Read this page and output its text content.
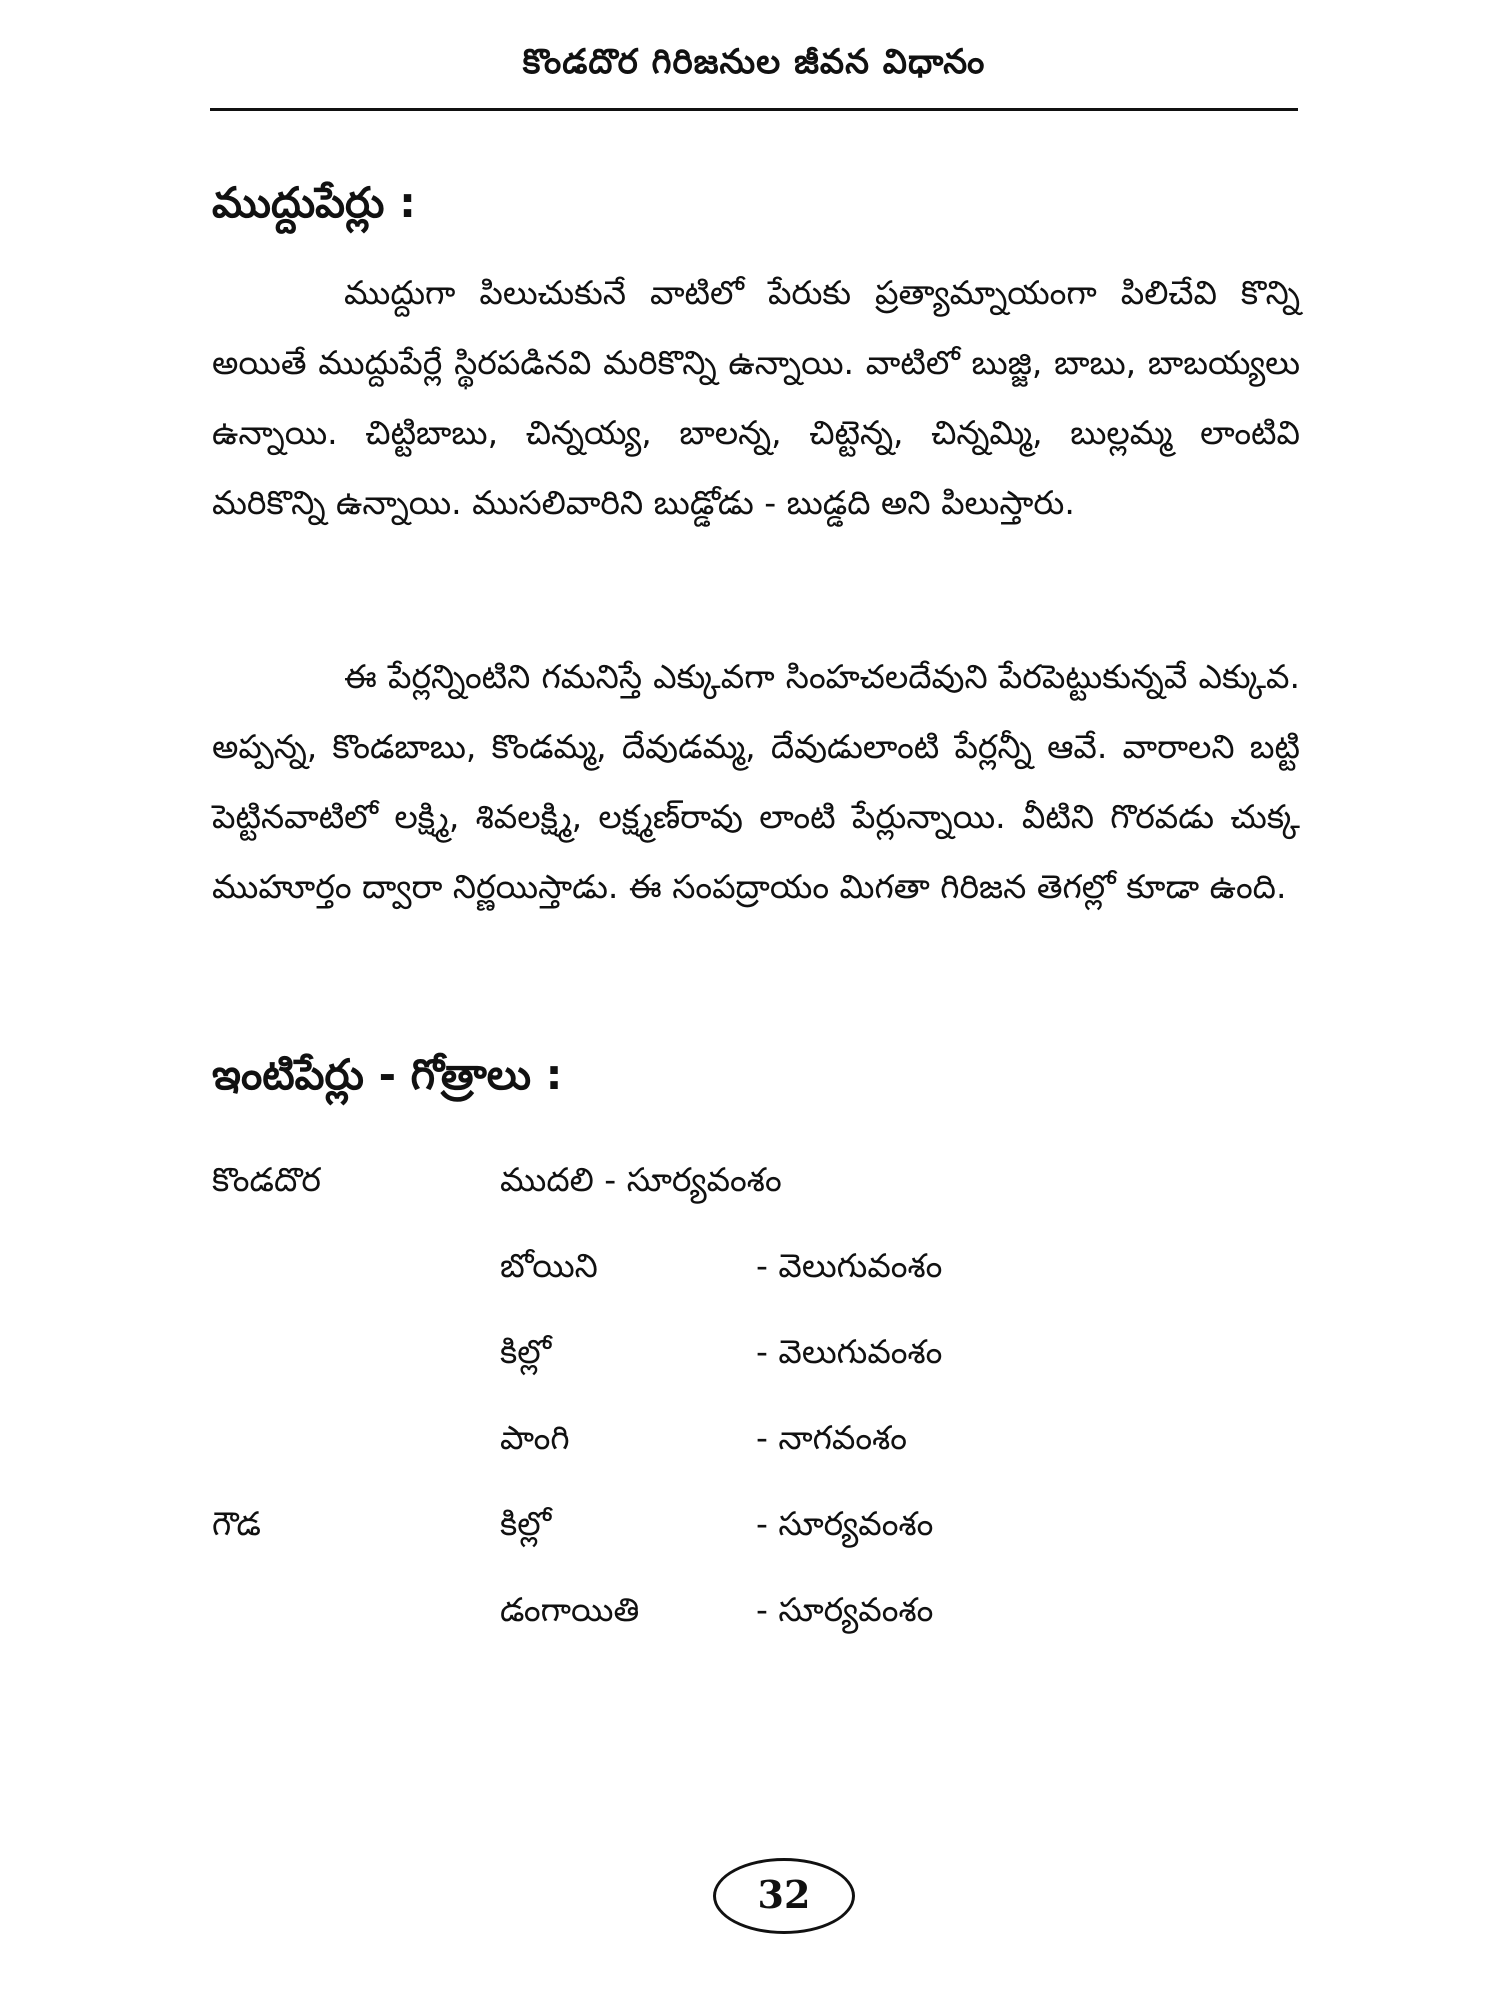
కొండదొర గిరిజనుల జీవన విధానం
ముద్దుపేర్లు :

ముద్దుగా పిలుచుకునే వాటిలో పేరుకు ప్రత్యామ్నాయంగా పిలిచేవి కొన్ని అయితే ముద్దుపేర్లే స్థిరపడినవి మరికొన్ని ఉన్నాయి. వాటిలో బుజ్జి, బాబు, బాబయ్యలు ఉన్నాయి. చిట్టిబాబు, చిన్నయ్య, బాలన్న, చిట్టెన్న, చిన్నమ్మి, బుల్లమ్మ లాంటివి మరికొన్ని ఉన్నాయి. ముసలివారిని బుడ్డోడు - బుడ్డది అని పిలుస్తారు.

ఈ పేర్లన్నింటిని గమనిస్తే ఎక్కువగా సింహచలదేవుని పేరపెట్టుకున్నవే ఎక్కువ. అప్పన్న, కొండబాబు, కొండమ్మ, దేవుడమ్మ, దేవుడులాంటి పేర్లన్నీ ఆవే. వారాలని బట్టి పెట్టినవాటిలో లక్ష్మి, శివలక్ష్మి, లక్ష్మణ్‌రావు లాంటి పేర్లున్నాయి. వీటిని గొరవడు చుక్క ముహూర్తం ద్వారా నిర్ణయిస్తాడు. ఈ సంపద్రాయం మిగతా గిరిజన తెగల్లో కూడా ఉంది.

ఇంటిపేర్లు - గోత్రాలు :
కొండదొర	ముదలి - సూర్యవంశం	
	బోయిని	- వెలుగువంశం
	కిల్లో	- వెలుగువంశం
	పాంగి	- నాగవంశం
గౌడ	కిల్లో	- సూర్యవంశం
	డంగాయితి	- సూర్యవంశం
32
